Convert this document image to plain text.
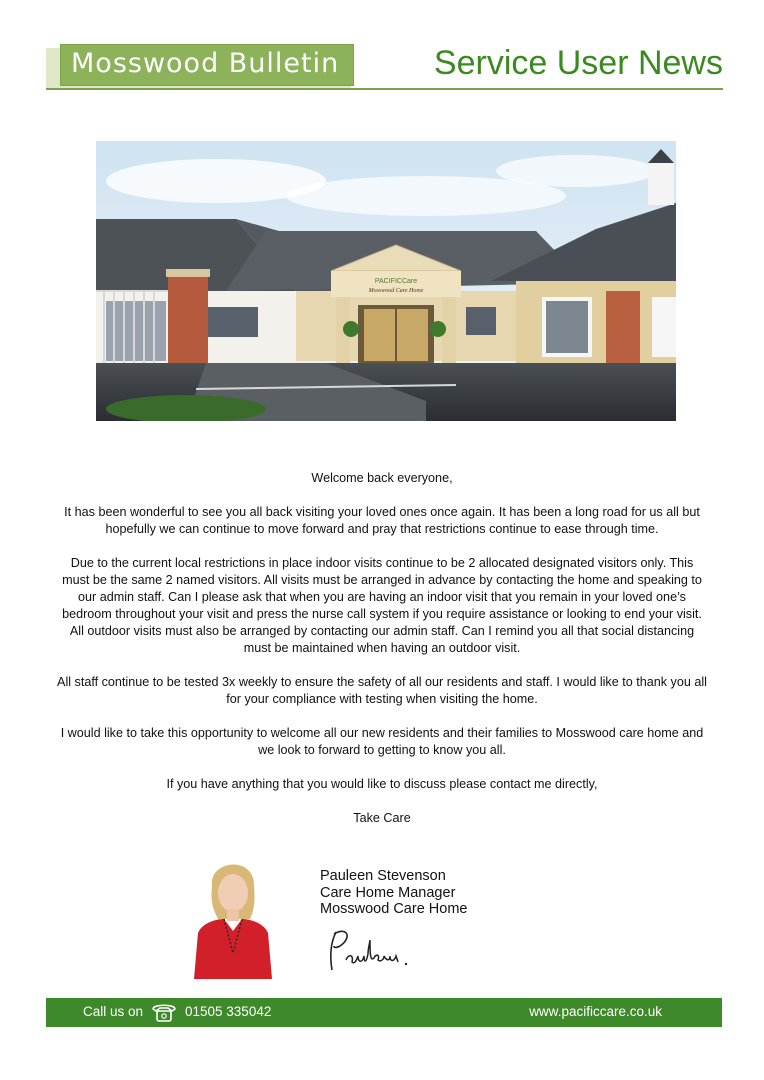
Mosswood Bulletin	Service User News
PACIFICCare
Mosswood Care Home

Welcome back everyone,

It has been wonderful to see you all back visiting your loved ones once again. It has been a long road for us all but hopefully we can continue to move forward and pray that restrictions continue to ease through time.

Due to the current local restrictions in place indoor visits continue to be 2 allocated designated visitors only. This must be the same 2 named visitors. All visits must be arranged in advance by contacting the home and speaking to our admin staff. Can I please ask that when you are having an indoor visit that you remain in your loved one’s bedroom throughout your visit and press the nurse call system if you require assistance or looking to end your visit. All outdoor visits must also be arranged by contacting our admin staff. Can I remind you all that social distancing must be maintained when having an outdoor visit.

All staff continue to be tested 3x weekly to ensure the safety of all our residents and staff. I would like to thank you all for your compliance with testing when visiting the home.

I would like to take this opportunity to welcome all our new residents and their families to Mosswood care home and we look to forward to getting to know you all.

If you have anything that you would like to discuss please contact me directly,

Take Care

Pauleen Stevenson
Care Home Manager
Mosswood Care Home
Call us on	01505 335042	www.pacificcare.co.uk
